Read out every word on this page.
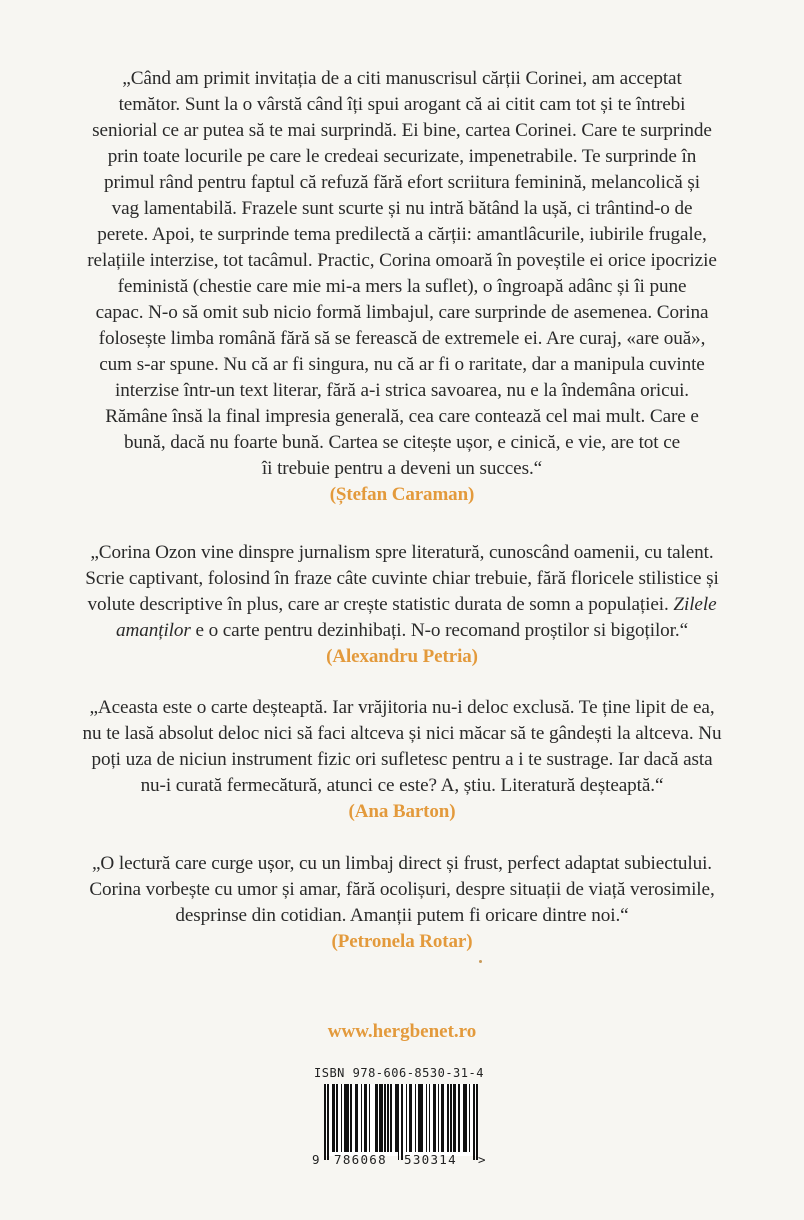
„Când am primit invitația de a citi manuscrisul cărții Corinei, am acceptat

temător. Sunt la o vârstă când îți spui arogant că ai citit cam tot și te întrebi

seniorial ce ar putea să te mai surprindă. Ei bine, cartea Corinei. Care te surprinde

prin toate locurile pe care le credeai securizate, impenetrabile. Te surprinde în

primul rând pentru faptul că refuză fără efort scriitura feminină, melancolică și

vag lamentabilă. Frazele sunt scurte și nu intră bătând la ușă, ci trântind-o de

perete. Apoi, te surprinde tema predilectă a cărții: amantlâcurile, iubirile frugale,

relațiile interzise, tot tacâmul. Practic, Corina omoară în poveștile ei orice ipocrizie

feministă (chestie care mie mi-a mers la suflet), o îngroapă adânc și îi pune

capac. N-o să omit sub nicio formă limbajul, care surprinde de asemenea. Corina

folosește limba română fără să se ferească de extremele ei. Are curaj, «are ouă»,

cum s-ar spune. Nu că ar fi singura, nu că ar fi o raritate, dar a manipula cuvinte

interzise într-un text literar, fără a-i strica savoarea, nu e la îndemâna oricui.

Rămâne însă la final impresia generală, cea care contează cel mai mult. Care e

bună, dacă nu foarte bună. Cartea se citește ușor, e cinică, e vie, are tot ce

îi trebuie pentru a deveni un succes.“

(Ștefan Caraman)

„Corina Ozon vine dinspre jurnalism spre literatură, cunoscând oamenii, cu talent.

Scrie captivant, folosind în fraze câte cuvinte chiar trebuie, fără floricele stilistice și

volute descriptive în plus, care ar crește statistic durata de somn a populației. Zilele

amanților e o carte pentru dezinhibați. N-o recomand proștilor si bigoților.“

(Alexandru Petria)

„Aceasta este o carte deșteaptă. Iar vrăjitoria nu-i deloc exclusă. Te ține lipit de ea,

nu te lasă absolut deloc nici să faci altceva și nici măcar să te gândești la altceva. Nu

poți uza de niciun instrument fizic ori sufletesc pentru a i te sustrage. Iar dacă asta

nu-i curată fermecătură, atunci ce este? A, știu. Literatură deșteaptă.“

(Ana Barton)

„O lectură care curge ușor, cu un limbaj direct și frust, perfect adaptat subiectului.

Corina vorbește cu umor și amar, fără ocolișuri, despre situații de viață verosimile,

desprinse din cotidian. Amanții putem fi oricare dintre noi.“

(Petronela Rotar)
www.hergbenet.ro
ISBN 978-606-8530-31-4
9 786068 530314 >
